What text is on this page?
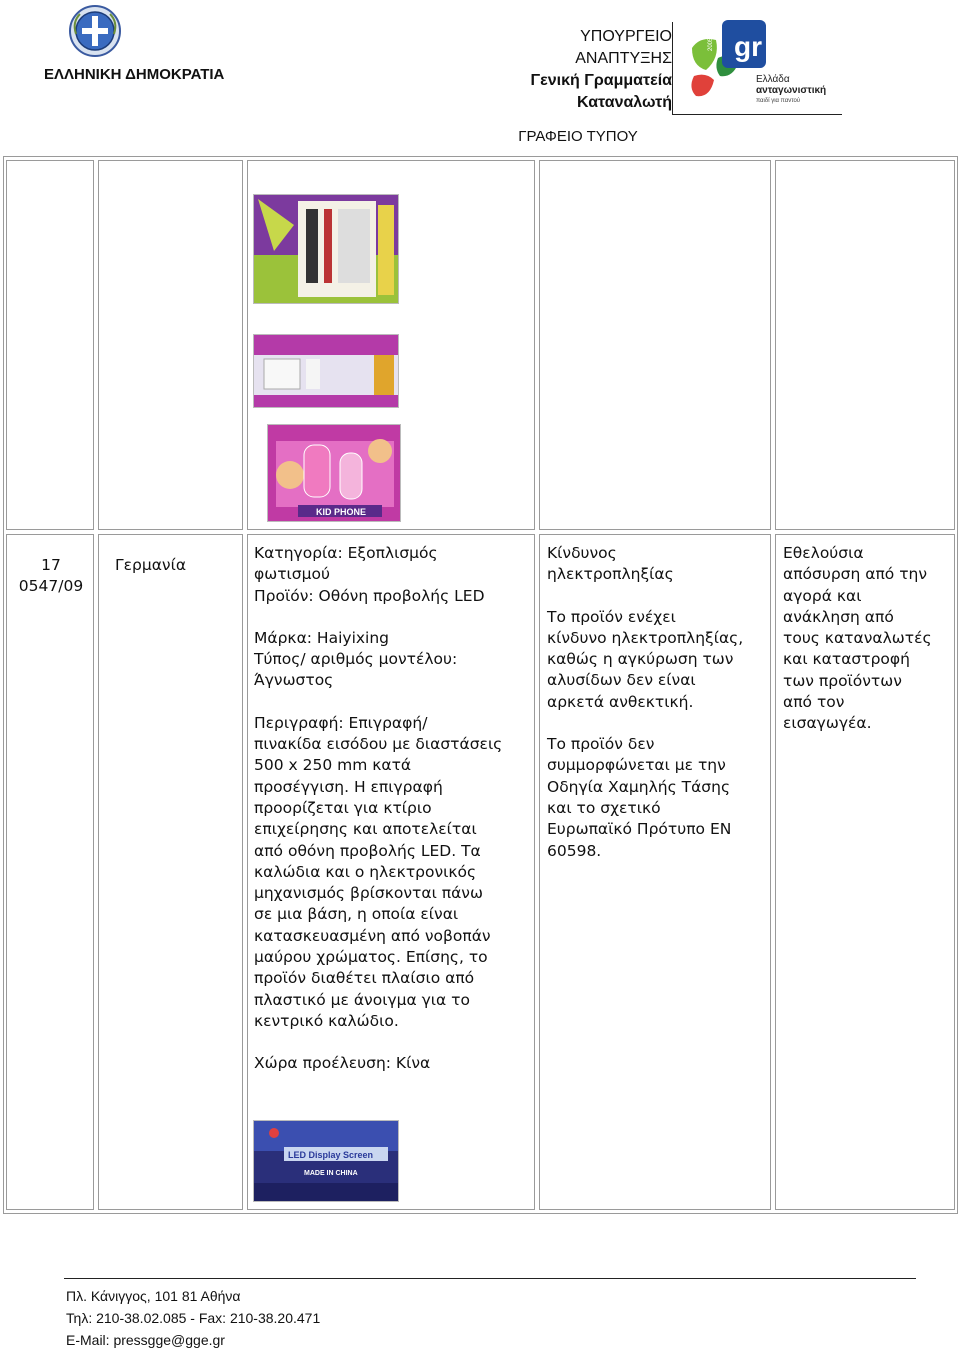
ΕΛΛΗΝΙΚΗ ΔΗΜΟΚΡΑΤΙΑ
ΥΠΟΥΡΓΕΙΟ
ΑΝΑΠΤΥΞΗΣ
Γενική Γραμματεία
Καταναλωτή
gr
2005 2010
Ελλάδα
ανταγωνιστική
παιδί για παντού
ΓΡΑΦΕΙΟ ΤΥΠΟΥ
KID PHONE

17

0547/09

Γερμανία

Κατηγορία: Εξοπλισμός

φωτισμού

Προϊόν: Οθόνη προβολής LED

Μάρκα: Haiyixing

Τύπος/ αριθμός μοντέλου:

Άγνωστος

Περιγραφή: Επιγραφή/

πινακίδα εισόδου με διαστάσεις

500 x 250 mm κατά

προσέγγιση. Η επιγραφή

προορίζεται για κτίριο

επιχείρησης και αποτελείται

από οθόνη προβολής LED. Τα

καλώδια και ο ηλεκτρονικός

μηχανισμός βρίσκονται πάνω

σε μια βάση, η οποία είναι

κατασκευασμένη από νοβοπάν

μαύρου χρώματος. Επίσης, το

προϊόν διαθέτει πλαίσιο από

πλαστικό με άνοιγμα για το

κεντρικό καλώδιο.

Χώρα προέλευση: Κίνα

Κίνδυνος

ηλεκτροπληξίας

Το προϊόν ενέχει

κίνδυνο ηλεκτροπληξίας,

καθώς η αγκύρωση των

αλυσίδων δεν είναι

αρκετά ανθεκτική.

Το προϊόν δεν

συμμορφώνεται με την

Οδηγία Χαμηλής Τάσης

και το σχετικό

Ευρωπαϊκό Πρότυπο EN

60598.

Εθελούσια

απόσυρση από την

αγορά και

ανάκληση από

τους καταναλωτές

και καταστροφή

των προϊόντων

από τον

εισαγωγέα.

LED Display Screen
MADE IN CHINA
Πλ. Κάνιγγος, 101 81 Αθήνα
Τηλ: 210-38.02.085 - Fax: 210-38.20.471
E-Mail: pressgge@gge.gr
